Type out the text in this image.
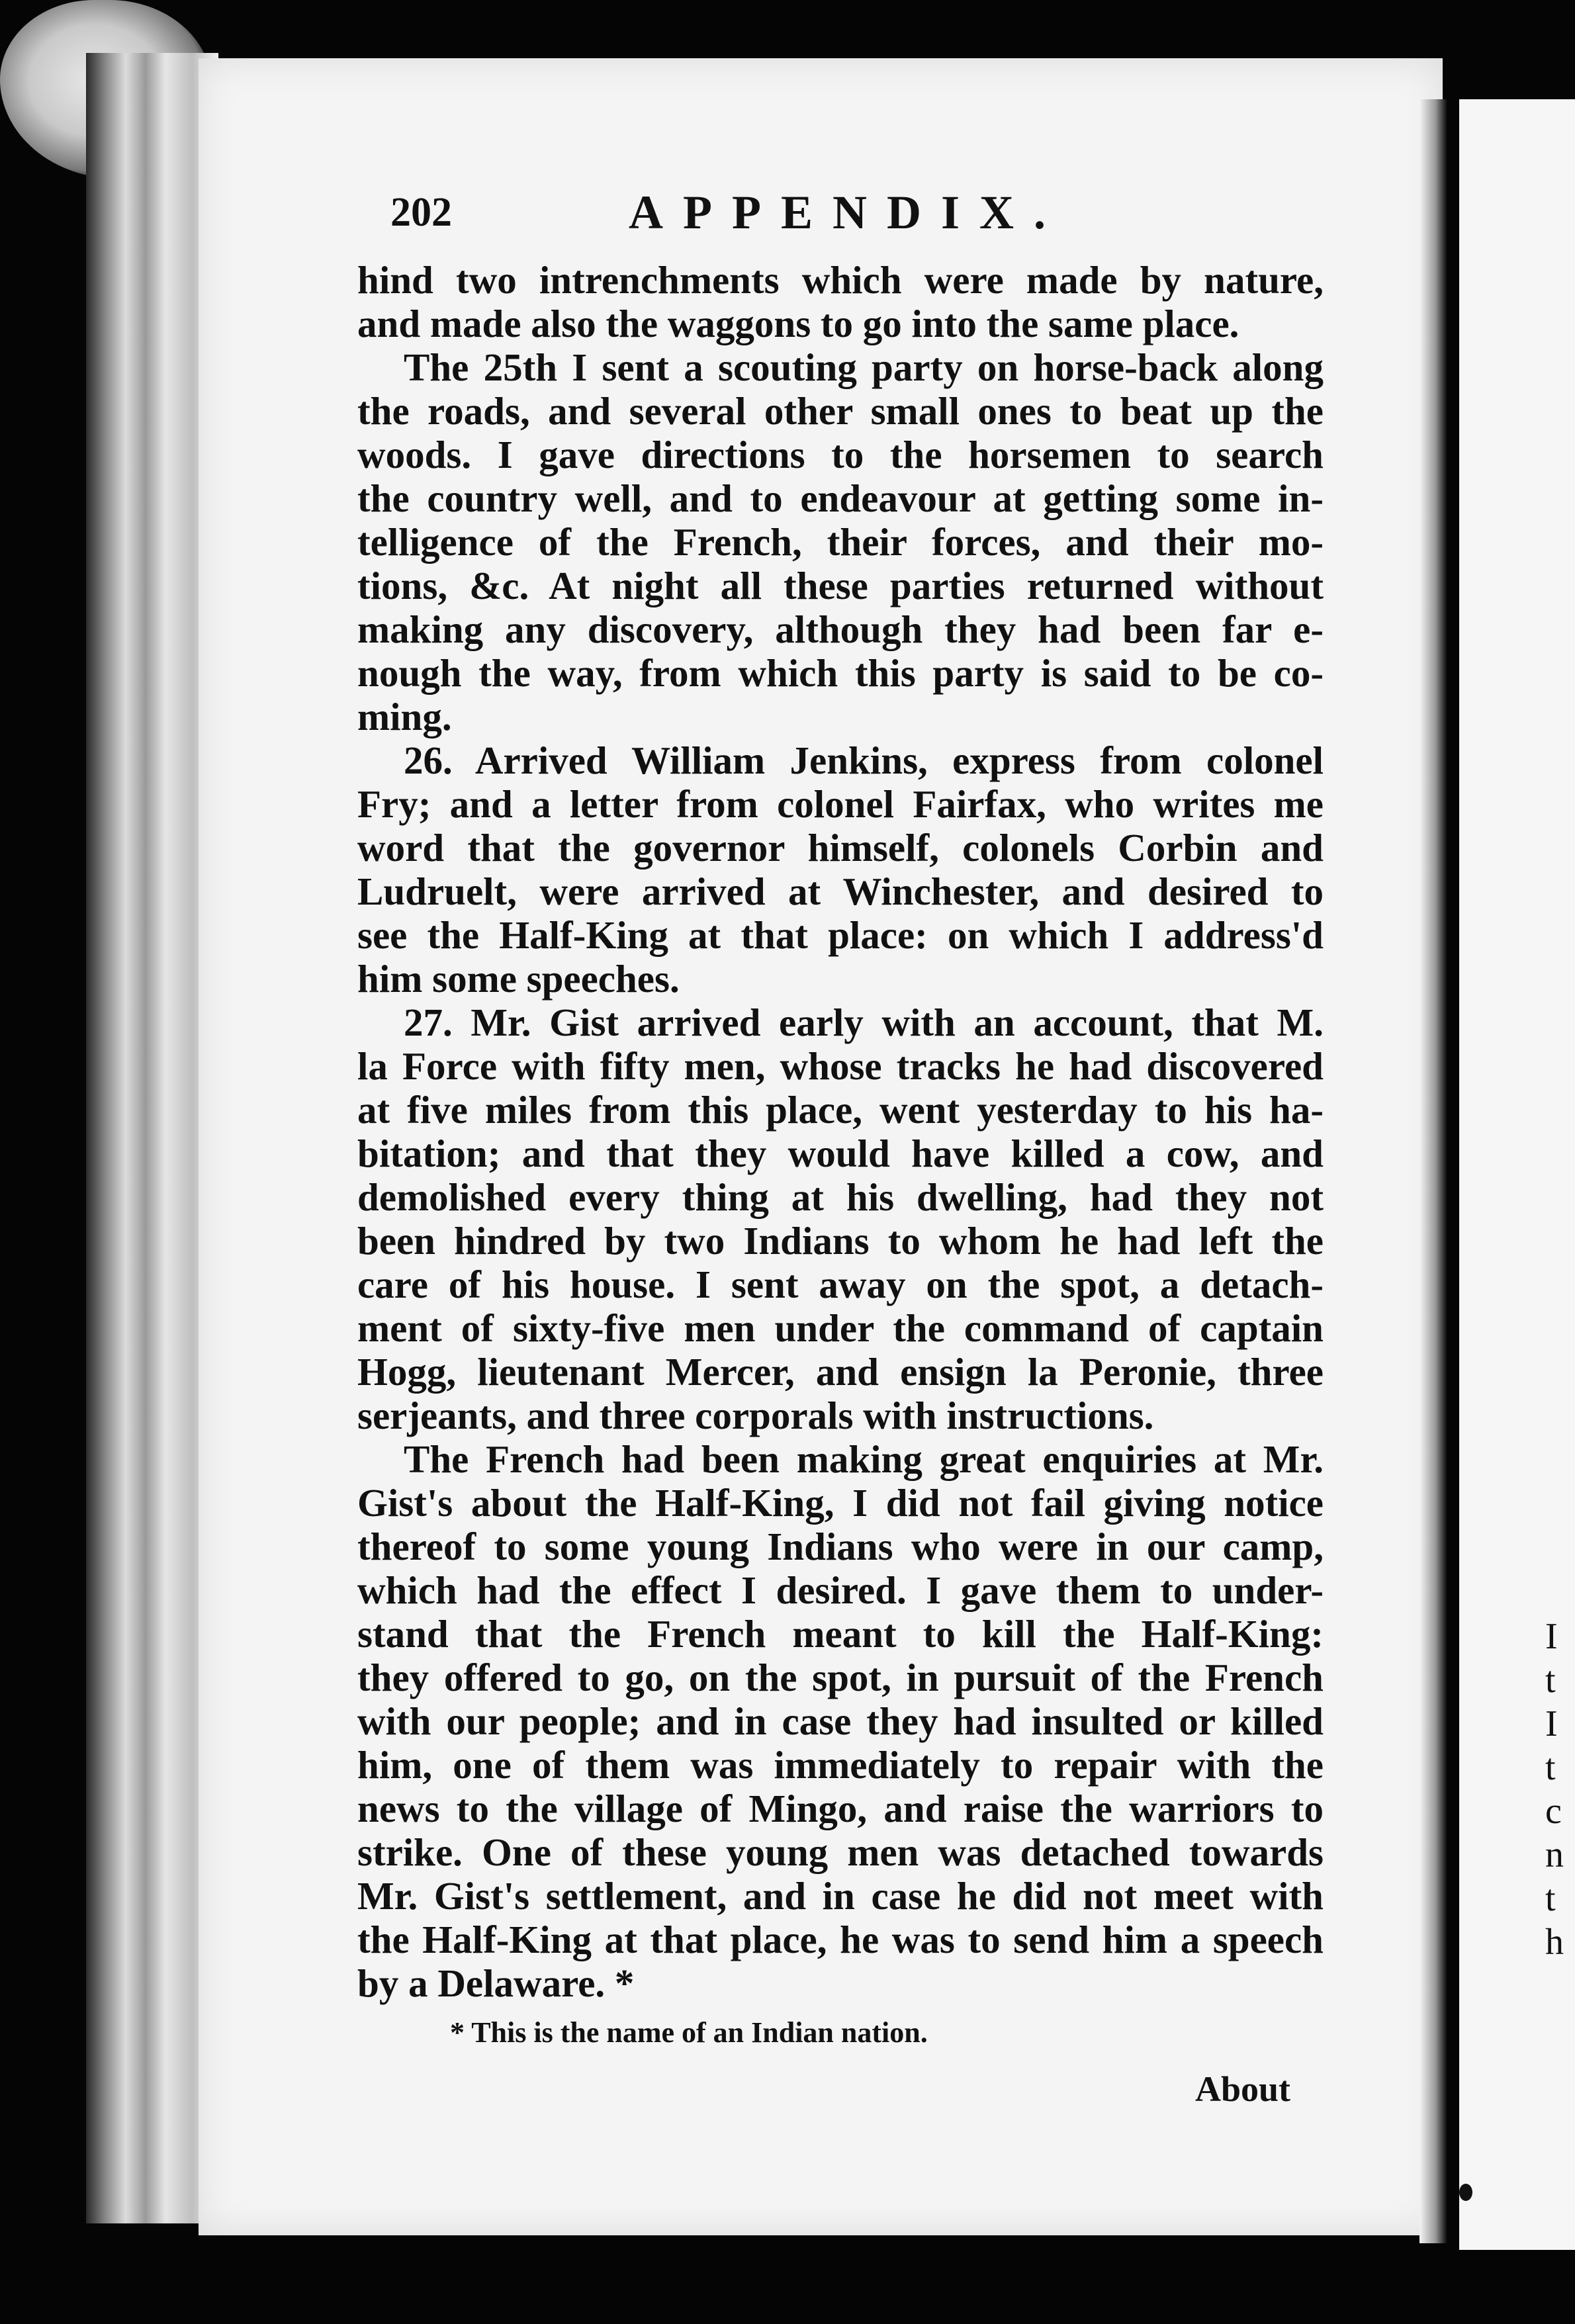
I
t
I
t
c
n
t
h
202	APPENDIX.
hind two intrenchments which were made by nature,
and made also the waggons to go into the same place.
The 25th I sent a scouting party on horse-back along
the roads, and several other small ones to beat up the
woods. I gave directions to the horsemen to search
the country well, and to endeavour at getting some in-
telligence of the French, their forces, and their mo-
tions, &c. At night all these parties returned without
making any discovery, although they had been far e-
nough the way, from which this party is said to be co-
ming.
26. Arrived William Jenkins, express from colonel
Fry; and a letter from colonel Fairfax, who writes me
word that the governor himself, colonels Corbin and
Ludruelt, were arrived at Winchester, and desired to
see the Half-King at that place: on which I address'd
him some speeches.
27. Mr. Gist arrived early with an account, that M.
la Force with fifty men, whose tracks he had discovered
at five miles from this place, went yesterday to his ha-
bitation; and that they would have killed a cow, and
demolished every thing at his dwelling, had they not
been hindred by two Indians to whom he had left the
care of his house. I sent away on the spot, a detach-
ment of sixty-five men under the command of captain
Hogg, lieutenant Mercer, and ensign la Peronie, three
serjeants, and three corporals with instructions.
The French had been making great enquiries at Mr.
Gist's about the Half-King, I did not fail giving notice
thereof to some young Indians who were in our camp,
which had the effect I desired. I gave them to under-
stand that the French meant to kill the Half-King:
they offered to go, on the spot, in pursuit of the French
with our people; and in case they had insulted or killed
him, one of them was immediately to repair with the
news to the village of Mingo, and raise the warriors to
strike. One of these young men was detached towards
Mr. Gist's settlement, and in case he did not meet with
the Half-King at that place, he was to send him a speech
by a Delaware. *
* This is the name of an Indian nation.
About
